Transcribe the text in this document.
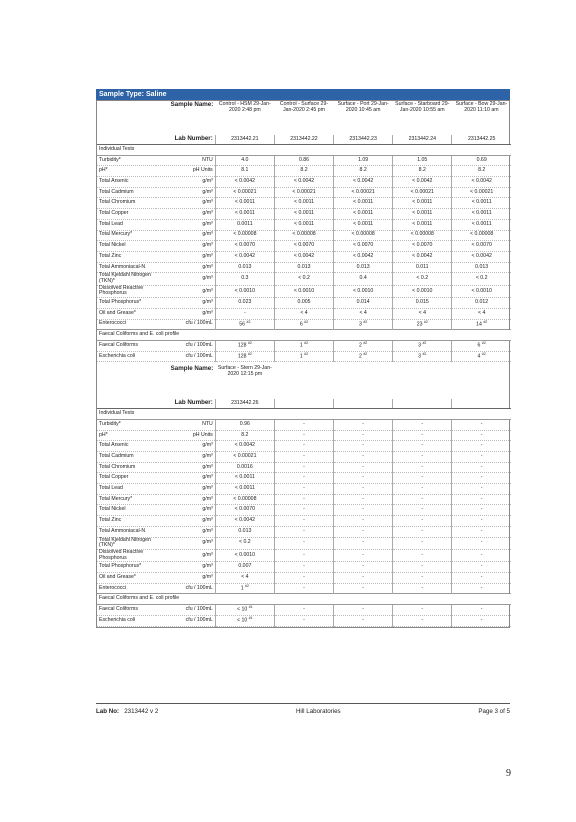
Sample Type: Saline
Sample Name:		Control - HSM 29-Jan-2020 2:48 pm	Control - Surface 29-Jan-2020 2:45 pm	Surface - Port 29-Jan-2020 10:45 am	Surface - Starboard 29-Jan-2020 10:55 am	Surface - Bow 29-Jan-2020 11:10 am
Lab Number:		2313442.21	2313442.22	2313442.23	2313442.24	2313442.25
Individual Tests						
Turbidity*	NTU	4.0	0.86	1.09	1.05	0.69
pH*	pH Units	8.1	8.2	8.2	8.2	8.2
Total Arsenic	g/m³	< 0.0042	< 0.0042	< 0.0042	< 0.0042	< 0.0042
Total Cadmium	g/m³	< 0.00021	< 0.00021	< 0.00021	< 0.00021	< 0.00021
Total Chromium	g/m³	< 0.0011	< 0.0011	< 0.0011	< 0.0011	< 0.0011
Total Copper	g/m³	< 0.0011	< 0.0011	< 0.0011	< 0.0011	< 0.0011
Total Lead	g/m³	0.0011	< 0.0011	< 0.0011	< 0.0011	< 0.0011
Total Mercury*	g/m³	< 0.00008	< 0.00008	< 0.00008	< 0.00008	< 0.00008
Total Nickel	g/m³	< 0.0070	< 0.0070	< 0.0070	< 0.0070	< 0.0070
Total Zinc	g/m³	< 0.0042	< 0.0042	< 0.0042	< 0.0042	< 0.0042
Total Ammoniacal-N	g/m³	0.013	0.013	0.013	0.011	0.013
Total Kjeldahl Nitrogen (TKN)*	g/m³	0.3	< 0.2	0.4	< 0.2	< 0.2
Dissolved Reactive Phosphorus	g/m³	< 0.0010	< 0.0010	< 0.0010	< 0.0010	< 0.0010
Total Phosphorus*	g/m³	0.023	0.005	0.014	0.015	0.012
Oil and Grease*	g/m³	-	< 4	< 4	< 4	< 4
Enterococci	cfu / 100mL	56 $^{\#2}$	6 $^{\#2}$	3 $^{\#2}$	23 $^{\#2}$	14 $^{\#2}$
Faecal Coliforms and E. coli profile						
Faecal Coliforms	cfu / 100mL	128 $^{\#2}$	1 $^{\#2}$	2 $^{\#2}$	3 $^{\#2}$	6 $^{\#2}$
Escherichia coli	cfu / 100mL	128 $^{\#2}$	1 $^{\#2}$	2 $^{\#2}$	3 $^{\#2}$	4 $^{\#2}$
Sample Name:		Surface - Stern 29-Jan-2020 12:15 pm				
Lab Number:		2313442.26				
Individual Tests						
Turbidity*	NTU	0.96	-	-	-	-
pH*	pH Units	8.2	-	-	-	-
Total Arsenic	g/m³	< 0.0042	-	-	-	-
Total Cadmium	g/m³	< 0.00021	-	-	-	-
Total Chromium	g/m³	0.0016	-	-	-	-
Total Copper	g/m³	< 0.0011	-	-	-	-
Total Lead	g/m³	< 0.0011	-	-	-	-
Total Mercury*	g/m³	< 0.00008	-	-	-	-
Total Nickel	g/m³	< 0.0070	-	-	-	-
Total Zinc	g/m³	< 0.0042	-	-	-	-
Total Ammoniacal-N	g/m³	0.013	-	-	-	-
Total Kjeldahl Nitrogen (TKN)*	g/m³	< 0.2	-	-	-	-
Dissolved Reactive Phosphorus	g/m³	< 0.0010	-	-	-	-
Total Phosphorus*	g/m³	0.007	-	-	-	-
Oil and Grease*	g/m³	< 4	-	-	-	-
Enterococci	cfu / 100mL	1 $^{\#2}$	-	-	-	-
Faecal Coliforms and E. coli profile						
Faecal Coliforms	cfu / 100mL	< 10 $^{\#1}$	-	-	-	-
Escherichia coli	cfu / 100mL	< 10 $^{\#1}$	-	-	-	-
Lab No: 2313442 v 2	Hill Laboratories	Page 3 of 5
9
